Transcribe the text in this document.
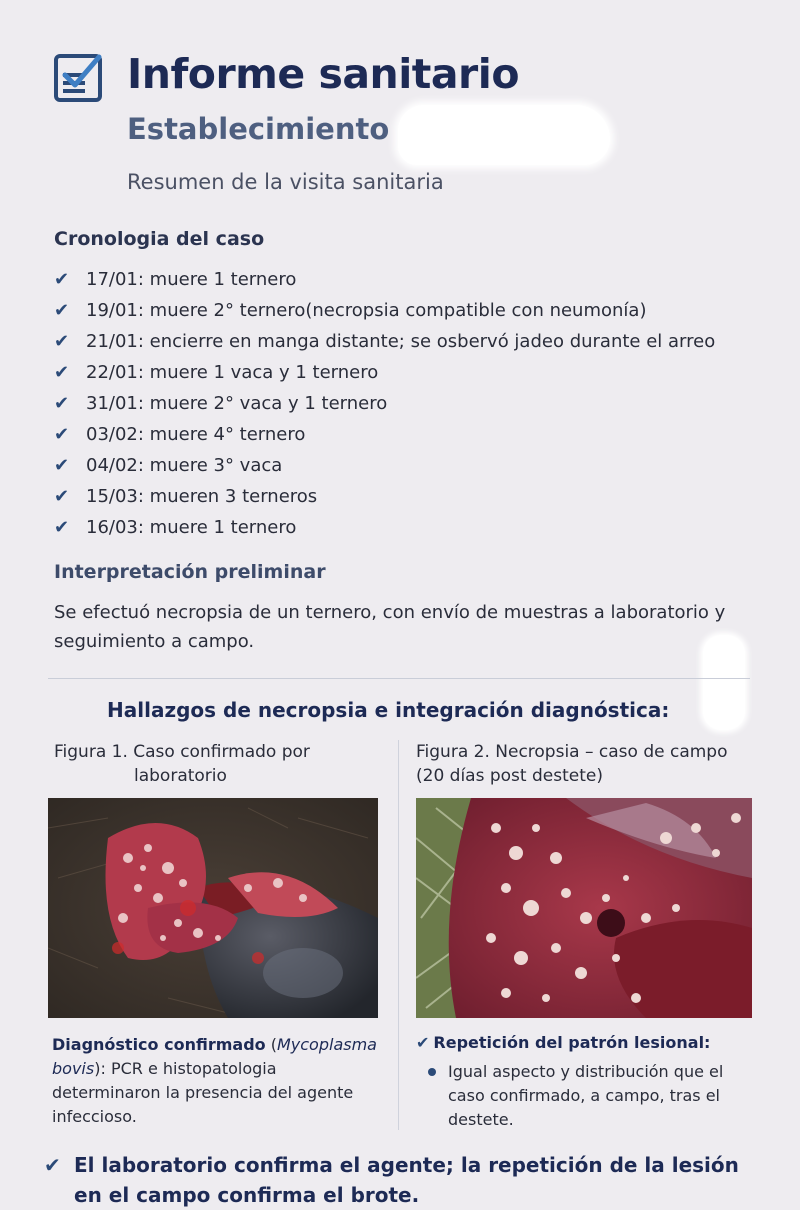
Informe sanitario
Establecimiento
Resumen de la visita sanitaria
Cronologia del caso
✔ 17/01: muere 1 ternero
✔ 19/01: muere 2° ternero(necropsia compatible con neumonía)
✔ 21/01: encierre en manga distante; se osbervó jadeo durante el arreo
✔ 22/01: muere 1 vaca y 1 ternero
✔ 31/01: muere 2° vaca y 1 ternero
✔ 03/02: muere 4° ternero
✔ 04/02: muere 3° vaca
✔ 15/03: mueren 3 terneros
✔ 16/03: muere 1 ternero
Interpretación preliminar
Se efectuó necropsia de un ternero, con envío de muestras a laboratorio y seguimiento a campo.
Hallazgos de necropsia e integración diagnóstica:
Figura 1. Caso confirmado por
laboratorio
Figura 2. Necropsia – caso de campo
(20 días post destete)
Diagnóstico confirmado (Mycoplasma bovis): PCR e histopatologia determinaron la presencia del agente infeccioso.
✔ Repetición del patrón lesional:
Igual aspecto y distribución que el caso confirmado, a campo, tras el destete.
✔ El laboratorio confirma el agente; la repetición de la lesión
en el campo confirma el brote.
